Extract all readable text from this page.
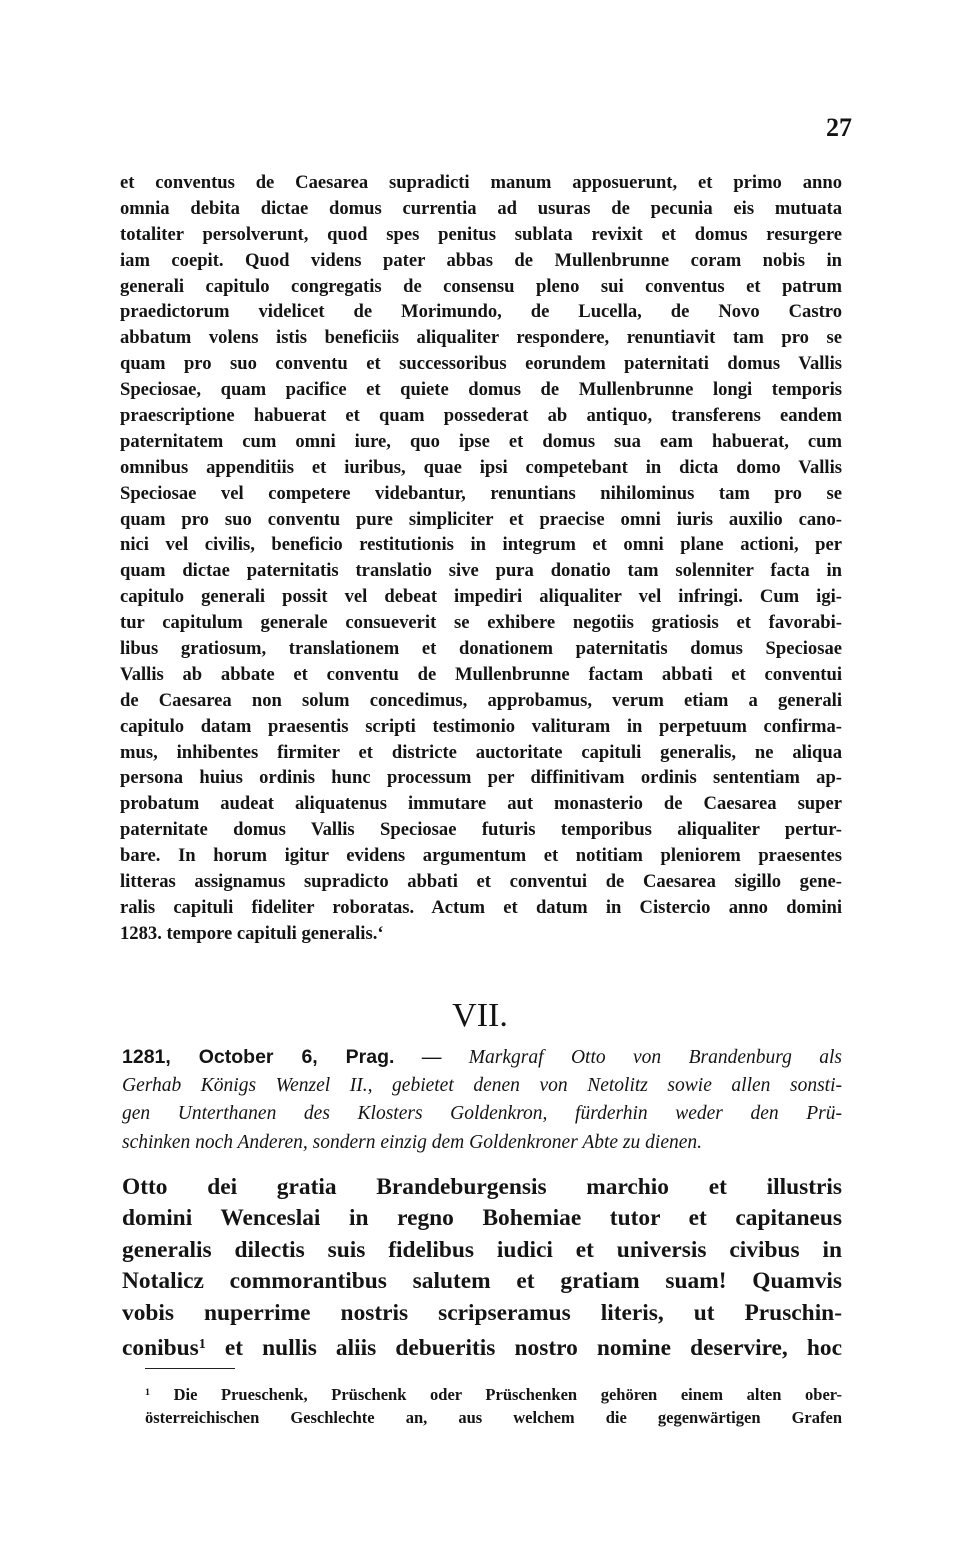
27
et conventus de Caesarea supradicti manum apposuerunt, et primo anno
omnia debita dictae domus currentia ad usuras de pecunia eis mutuata
totaliter persolverunt, quod spes penitus sublata revixit et domus resurgere
iam coepit. Quod videns pater abbas de Mullenbrunne coram nobis in
generali capitulo congregatis de consensu pleno sui conventus et patrum
praedictorum videlicet de Morimundo, de Lucella, de Novo Castro
abbatum volens istis beneficiis aliqualiter respondere, renuntiavit tam pro se
quam pro suo conventu et successoribus eorundem paternitati domus Vallis
Speciosae, quam pacifice et quiete domus de Mullenbrunne longi temporis
praescriptione habuerat et quam possederat ab antiquo, transferens eandem
paternitatem cum omni iure, quo ipse et domus sua eam habuerat, cum
omnibus appenditiis et iuribus, quae ipsi competebant in dicta domo Vallis
Speciosae vel competere videbantur, renuntians nihilominus tam pro se
quam pro suo conventu pure simpliciter et praecise omni iuris auxilio cano-
nici vel civilis, beneficio restitutionis in integrum et omni plane actioni, per
quam dictae paternitatis translatio sive pura donatio tam solenniter facta in
capitulo generali possit vel debeat impediri aliqualiter vel infringi. Cum igi-
tur capitulum generale consueverit se exhibere negotiis gratiosis et favorabi-
libus gratiosum, translationem et donationem paternitatis domus Speciosae
Vallis ab abbate et conventu de Mullenbrunne factam abbati et conventui
de Caesarea non solum concedimus, approbamus, verum etiam a generali
capitulo datam praesentis scripti testimonio valituram in perpetuum confirma-
mus, inhibentes firmiter et districte auctoritate capituli generalis, ne aliqua
persona huius ordinis hunc processum per diffinitivam ordinis sententiam ap-
probatum audeat aliquatenus immutare aut monasterio de Caesarea super
paternitate domus Vallis Speciosae futuris temporibus aliqualiter pertur-
bare. In horum igitur evidens argumentum et notitiam pleniorem praesentes
litteras assignamus supradicto abbati et conventui de Caesarea sigillo gene-
ralis capituli fideliter roboratas. Actum et datum in Cistercio anno domini
1283. tempore capituli generalis.‘
VII.
1281, October 6, Prag. — Markgraf Otto von Brandenburg als
Gerhab Königs Wenzel II., gebietet denen von Netolitz sowie allen sonsti-
gen Unterthanen des Klosters Goldenkron, fürderhin weder den Prü-
schinken noch Anderen, sondern einzig dem Goldenkroner Abte zu dienen.
Otto dei gratia Brandeburgensis marchio et illustris
domini Wenceslai in regno Bohemiae tutor et capitaneus
generalis dilectis suis fidelibus iudici et universis civibus in
Notalicz commorantibus salutem et gratiam suam! Quamvis
vobis nuperrime nostris scripseramus literis, ut Pruschin-
conibus$^1$ et nullis aliis debueritis nostro nomine deservire, hoc
$^1$ Die Prueschenk, Prüschenk oder Prüschenken gehören einem alten ober-
österreichischen Geschlechte an, aus welchem die gegenwärtigen Grafen
